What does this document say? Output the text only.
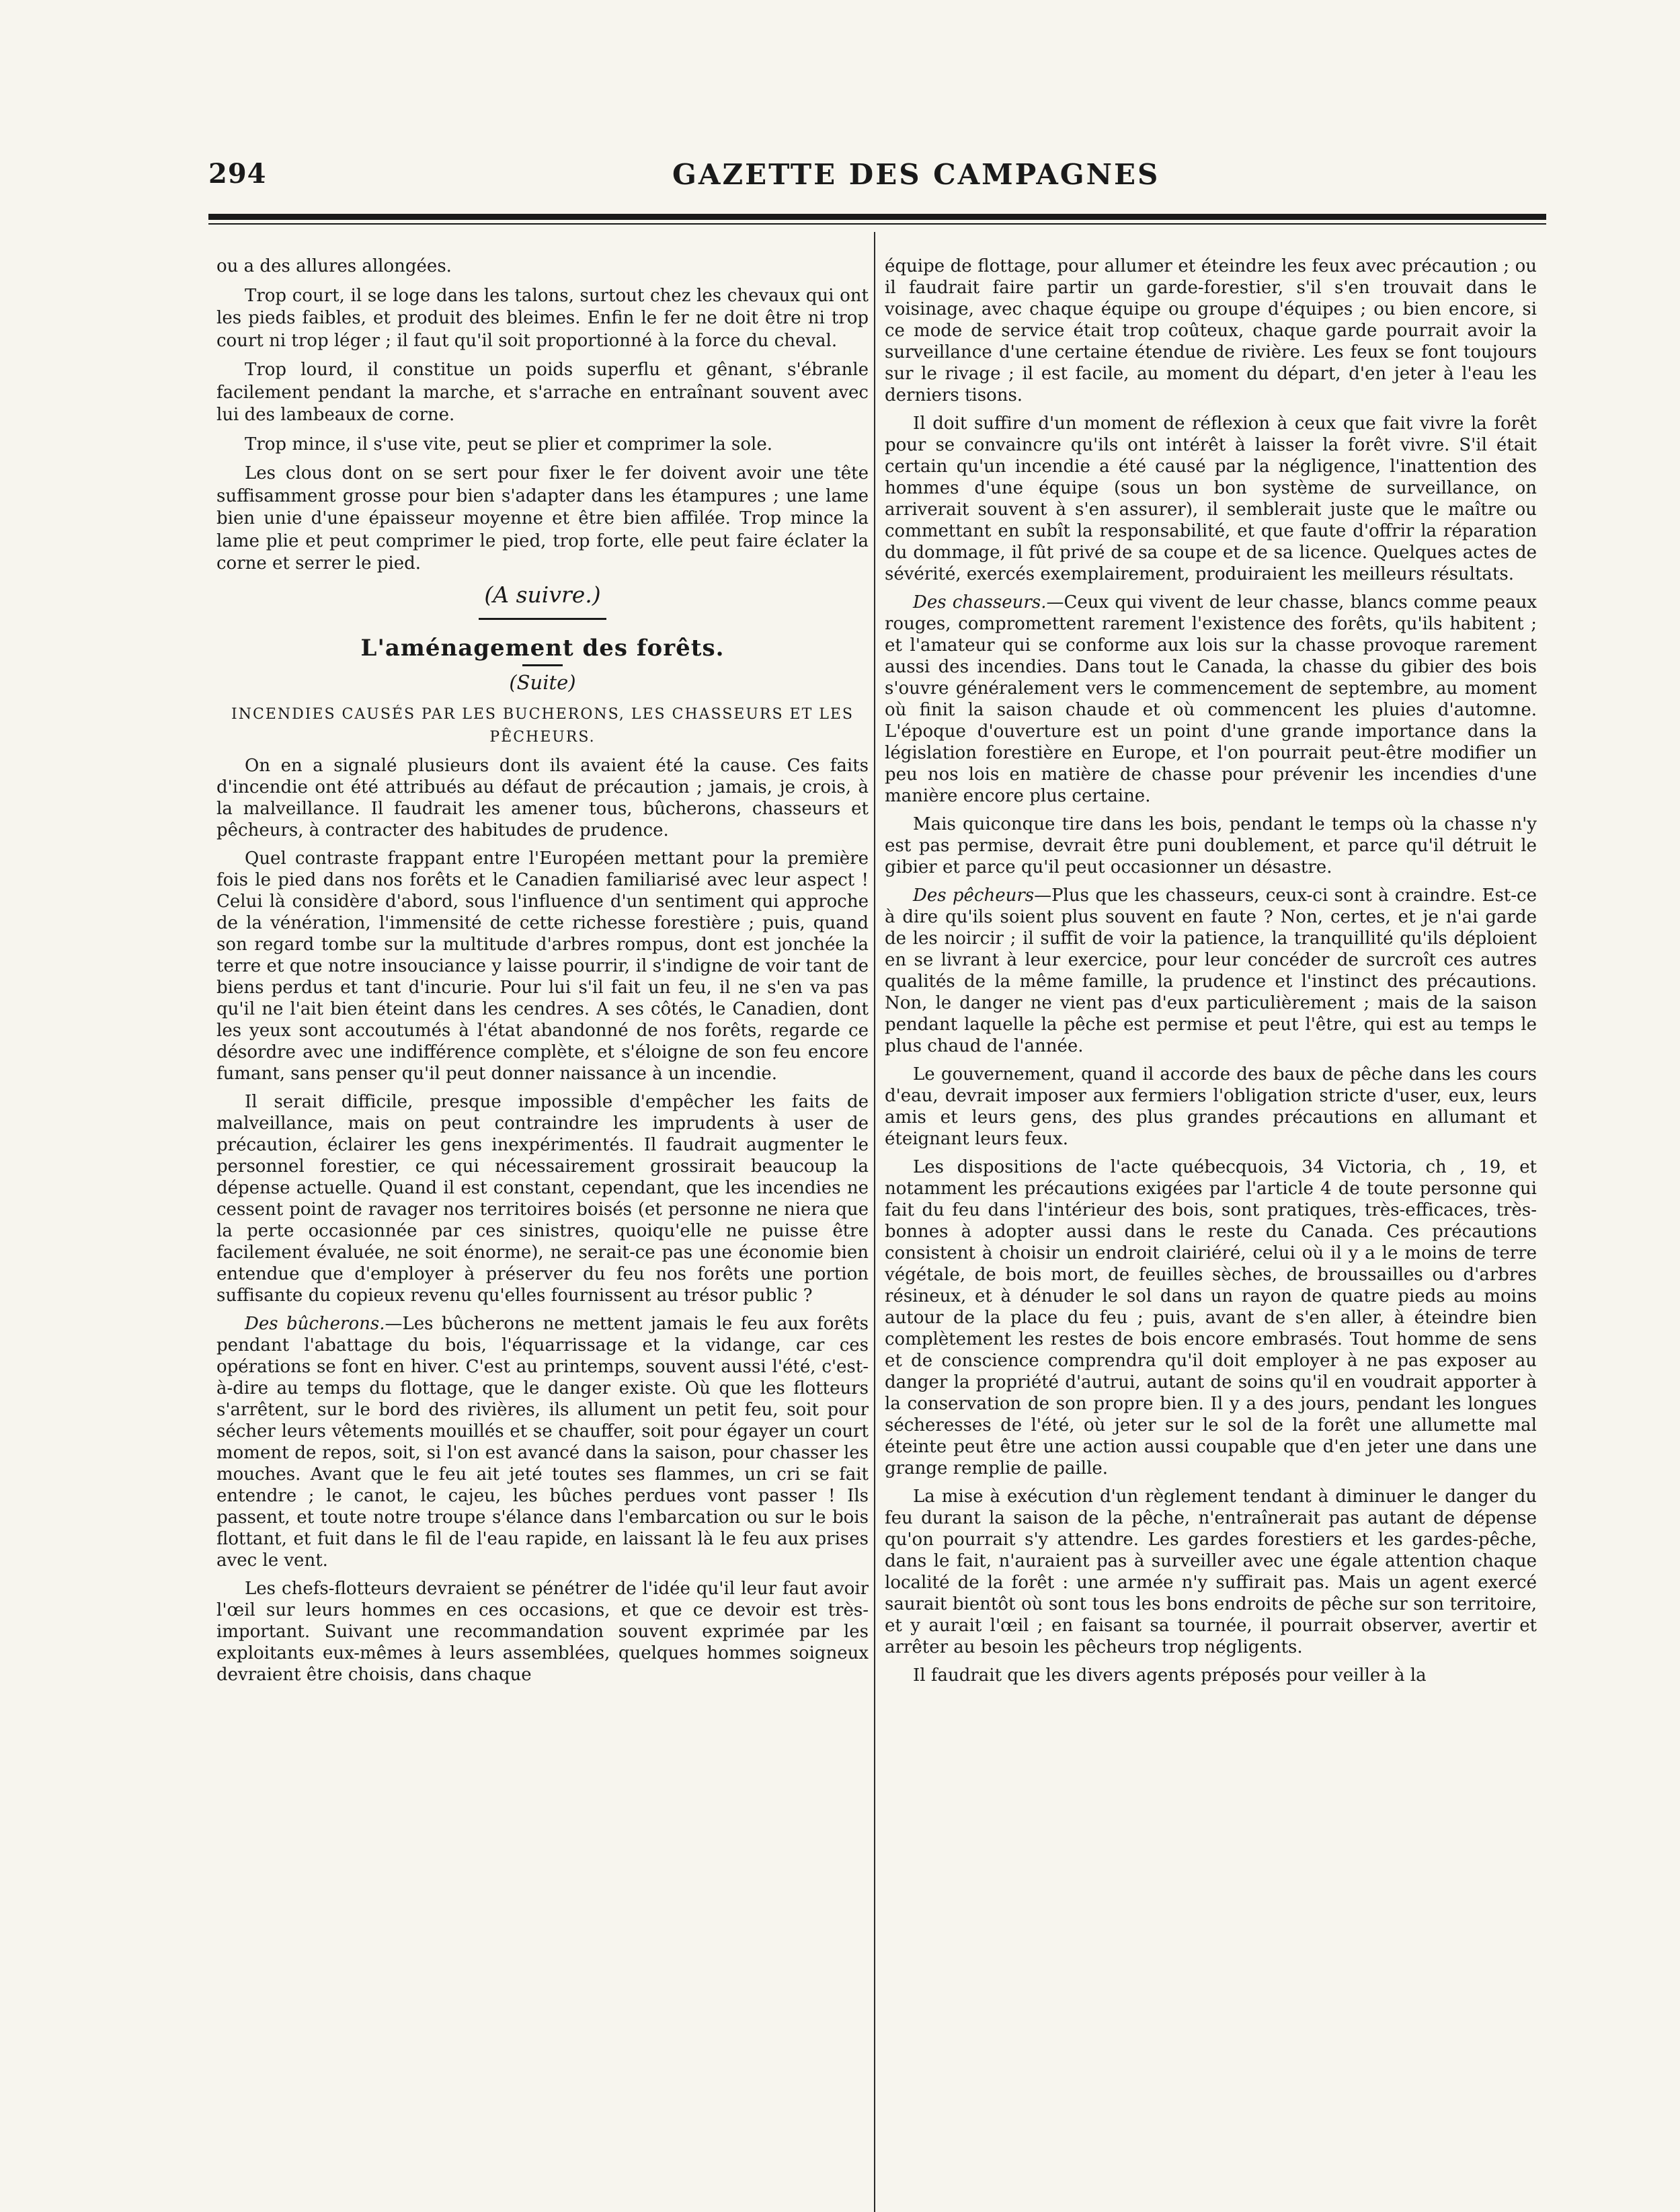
294	GAZETTE DES CAMPAGNES

ou a des allures allongées.

Trop court, il se loge dans les talons, surtout chez les chevaux qui ont les pieds faibles, et produit des bleimes. Enfin le fer ne doit être ni trop court ni trop léger ; il faut qu'il soit proportionné à la force du cheval.

Trop lourd, il constitue un poids superflu et gênant, s'ébranle facilement pendant la marche, et s'arrache en entraînant souvent avec lui des lambeaux de corne.

Trop mince, il s'use vite, peut se plier et comprimer la sole.

Les clous dont on se sert pour fixer le fer doivent avoir une tête suffisamment grosse pour bien s'adapter dans les étampures ; une lame bien unie d'une épaisseur moyenne et être bien affilée. Trop mince la lame plie et peut comprimer le pied, trop forte, elle peut faire éclater la corne et serrer le pied.

(A suivre.)
L'aménagement des forêts.
(Suite)
INCENDIES CAUSÉS PAR LES BUCHERONS, LES CHASSEURS ET LES PÊCHEURS.

On en a signalé plusieurs dont ils avaient été la cause. Ces faits d'incendie ont été attribués au défaut de précaution ; jamais, je crois, à la malveillance. Il faudrait les amener tous, bûcherons, chasseurs et pêcheurs, à contracter des habitudes de prudence.

Quel contraste frappant entre l'Européen mettant pour la première fois le pied dans nos forêts et le Canadien familiarisé avec leur aspect ! Celui là considère d'abord, sous l'influence d'un sentiment qui approche de la vénération, l'immensité de cette richesse forestière ; puis, quand son regard tombe sur la multitude d'arbres rompus, dont est jonchée la terre et que notre insouciance y laisse pourrir, il s'indigne de voir tant de biens perdus et tant d'incurie. Pour lui s'il fait un feu, il ne s'en va pas qu'il ne l'ait bien éteint dans les cendres. A ses côtés, le Canadien, dont les yeux sont accoutumés à l'état abandonné de nos forêts, regarde ce désordre avec une indifférence complète, et s'éloigne de son feu encore fumant, sans penser qu'il peut donner naissance à un incendie.

Il serait difficile, presque impossible d'empêcher les faits de malveillance, mais on peut contraindre les imprudents à user de précaution, éclairer les gens inexpérimentés. Il faudrait augmenter le personnel forestier, ce qui nécessairement grossirait beaucoup la dépense actuelle. Quand il est constant, cependant, que les incendies ne cessent point de ravager nos territoires boisés (et personne ne niera que la perte occasionnée par ces sinistres, quoiqu'elle ne puisse être facilement évaluée, ne soit énorme), ne serait-ce pas une économie bien entendue que d'employer à préserver du feu nos forêts une portion suffisante du copieux revenu qu'elles fournissent au trésor public ?

Des bûcherons.—Les bûcherons ne mettent jamais le feu aux forêts pendant l'abattage du bois, l'équarrissage et la vidange, car ces opérations se font en hiver. C'est au printemps, souvent aussi l'été, c'est-à-dire au temps du flottage, que le danger existe. Où que les flotteurs s'arrêtent, sur le bord des rivières, ils allument un petit feu, soit pour sécher leurs vêtements mouillés et se chauffer, soit pour égayer un court moment de repos, soit, si l'on est avancé dans la saison, pour chasser les mouches. Avant que le feu ait jeté toutes ses flammes, un cri se fait entendre ; le canot, le cajeu, les bûches perdues vont passer ! Ils passent, et toute notre troupe s'élance dans l'embarcation ou sur le bois flottant, et fuit dans le fil de l'eau rapide, en laissant là le feu aux prises avec le vent.

Les chefs-flotteurs devraient se pénétrer de l'idée qu'il leur faut avoir l'œil sur leurs hommes en ces occasions, et que ce devoir est très-important. Suivant une recommandation souvent exprimée par les exploitants eux-mêmes à leurs assemblées, quelques hommes soigneux devraient être choisis, dans chaque

équipe de flottage, pour allumer et éteindre les feux avec précaution ; ou il faudrait faire partir un garde-forestier, s'il s'en trouvait dans le voisinage, avec chaque équipe ou groupe d'équipes ; ou bien encore, si ce mode de service était trop coûteux, chaque garde pourrait avoir la surveillance d'une certaine étendue de rivière. Les feux se font toujours sur le rivage ; il est facile, au moment du départ, d'en jeter à l'eau les derniers tisons.

Il doit suffire d'un moment de réflexion à ceux que fait vivre la forêt pour se convaincre qu'ils ont intérêt à laisser la forêt vivre. S'il était certain qu'un incendie a été causé par la négligence, l'inattention des hommes d'une équipe (sous un bon système de surveillance, on arriverait souvent à s'en assurer), il semblerait juste que le maître ou commettant en subît la responsabilité, et que faute d'offrir la réparation du dommage, il fût privé de sa coupe et de sa licence. Quelques actes de sévérité, exercés exemplairement, produiraient les meilleurs résultats.

Des chasseurs.—Ceux qui vivent de leur chasse, blancs comme peaux rouges, compromettent rarement l'existence des forêts, qu'ils habitent ; et l'amateur qui se conforme aux lois sur la chasse provoque rarement aussi des incendies. Dans tout le Canada, la chasse du gibier des bois s'ouvre généralement vers le commencement de septembre, au moment où finit la saison chaude et où commencent les pluies d'automne. L'époque d'ouverture est un point d'une grande importance dans la législation forestière en Europe, et l'on pourrait peut-être modifier un peu nos lois en matière de chasse pour prévenir les incendies d'une manière encore plus certaine.

Mais quiconque tire dans les bois, pendant le temps où la chasse n'y est pas permise, devrait être puni doublement, et parce qu'il détruit le gibier et parce qu'il peut occasionner un désastre.

Des pêcheurs—Plus que les chasseurs, ceux-ci sont à craindre. Est-ce à dire qu'ils soient plus souvent en faute ? Non, certes, et je n'ai garde de les noircir ; il suffit de voir la patience, la tranquillité qu'ils déploient en se livrant à leur exercice, pour leur concéder de surcroît ces autres qualités de la même famille, la prudence et l'instinct des précautions. Non, le danger ne vient pas d'eux particulièrement ; mais de la saison pendant laquelle la pêche est permise et peut l'être, qui est au temps le plus chaud de l'année.

Le gouvernement, quand il accorde des baux de pêche dans les cours d'eau, devrait imposer aux fermiers l'obligation stricte d'user, eux, leurs amis et leurs gens, des plus grandes précautions en allumant et éteignant leurs feux.

Les dispositions de l'acte québecquois, 34 Victoria, ch , 19, et notamment les précautions exigées par l'article 4 de toute personne qui fait du feu dans l'intérieur des bois, sont pratiques, très-efficaces, très-bonnes à adopter aussi dans le reste du Canada. Ces précautions consistent à choisir un endroit clairiéré, celui où il y a le moins de terre végétale, de bois mort, de feuilles sèches, de broussailles ou d'arbres résineux, et à dénuder le sol dans un rayon de quatre pieds au moins autour de la place du feu ; puis, avant de s'en aller, à éteindre bien complètement les restes de bois encore embrasés. Tout homme de sens et de conscience comprendra qu'il doit employer à ne pas exposer au danger la propriété d'autrui, autant de soins qu'il en voudrait apporter à la conservation de son propre bien. Il y a des jours, pendant les longues sécheresses de l'été, où jeter sur le sol de la forêt une allumette mal éteinte peut être une action aussi coupable que d'en jeter une dans une grange remplie de paille.

La mise à exécution d'un règlement tendant à diminuer le danger du feu durant la saison de la pêche, n'entraînerait pas autant de dépense qu'on pourrait s'y attendre. Les gardes forestiers et les gardes-pêche, dans le fait, n'auraient pas à surveiller avec une égale attention chaque localité de la forêt : une armée n'y suffirait pas. Mais un agent exercé saurait bientôt où sont tous les bons endroits de pêche sur son territoire, et y aurait l'œil ; en faisant sa tournée, il pourrait observer, avertir et arrêter au besoin les pêcheurs trop négligents.

Il faudrait que les divers agents préposés pour veiller à la
